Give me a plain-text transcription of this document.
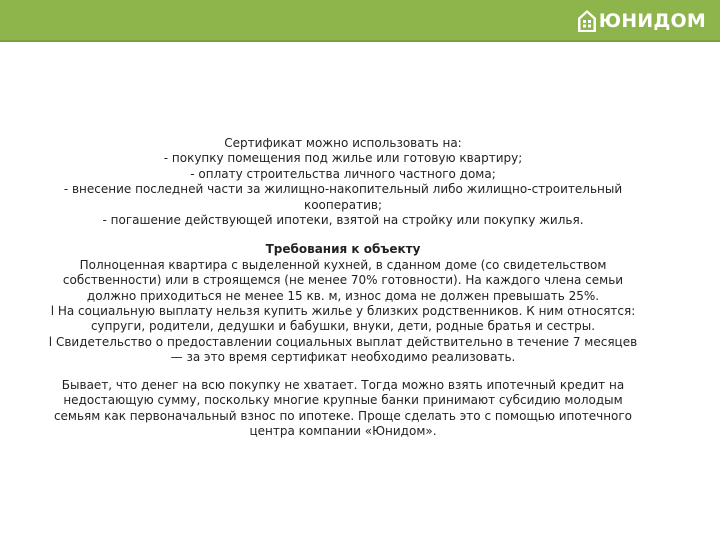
ЮНИДОМ

Сертификат можно использовать на:

- покупку помещения под жилье или готовую квартиру;

- оплату строительства личного частного дома;

- внесение последней части за жилищно-накопительный либо жилищно-строительный кооператив;

- погашение действующей ипотеки, взятой на стройку или покупку жилья.

Требования к объекту

Полноценная квартира с выделенной кухней, в сданном доме (со свидетельством собственности) или в строящемся (не менее 70% готовности). На каждого члена семьи должно приходиться не менее 15 кв. м, износ дома не должен превышать 25%.

l На социальную выплату нельзя купить жилье у близких родственников. К ним относятся: супруги, родители, дедушки и бабушки, внуки, дети, родные братья и сестры.

l Свидетельство о предоставлении социальных выплат действительно в течение 7 месяцев — за это время сертификат необходимо реализовать.

Бывает, что денег на всю покупку не хватает. Тогда можно взять ипотечный кредит на недостающую сумму, поскольку многие крупные банки принимают субсидию молодым семьям как первоначальный взнос по ипотеке. Проще сделать это с помощью ипотечного центра компании «Юнидом».
